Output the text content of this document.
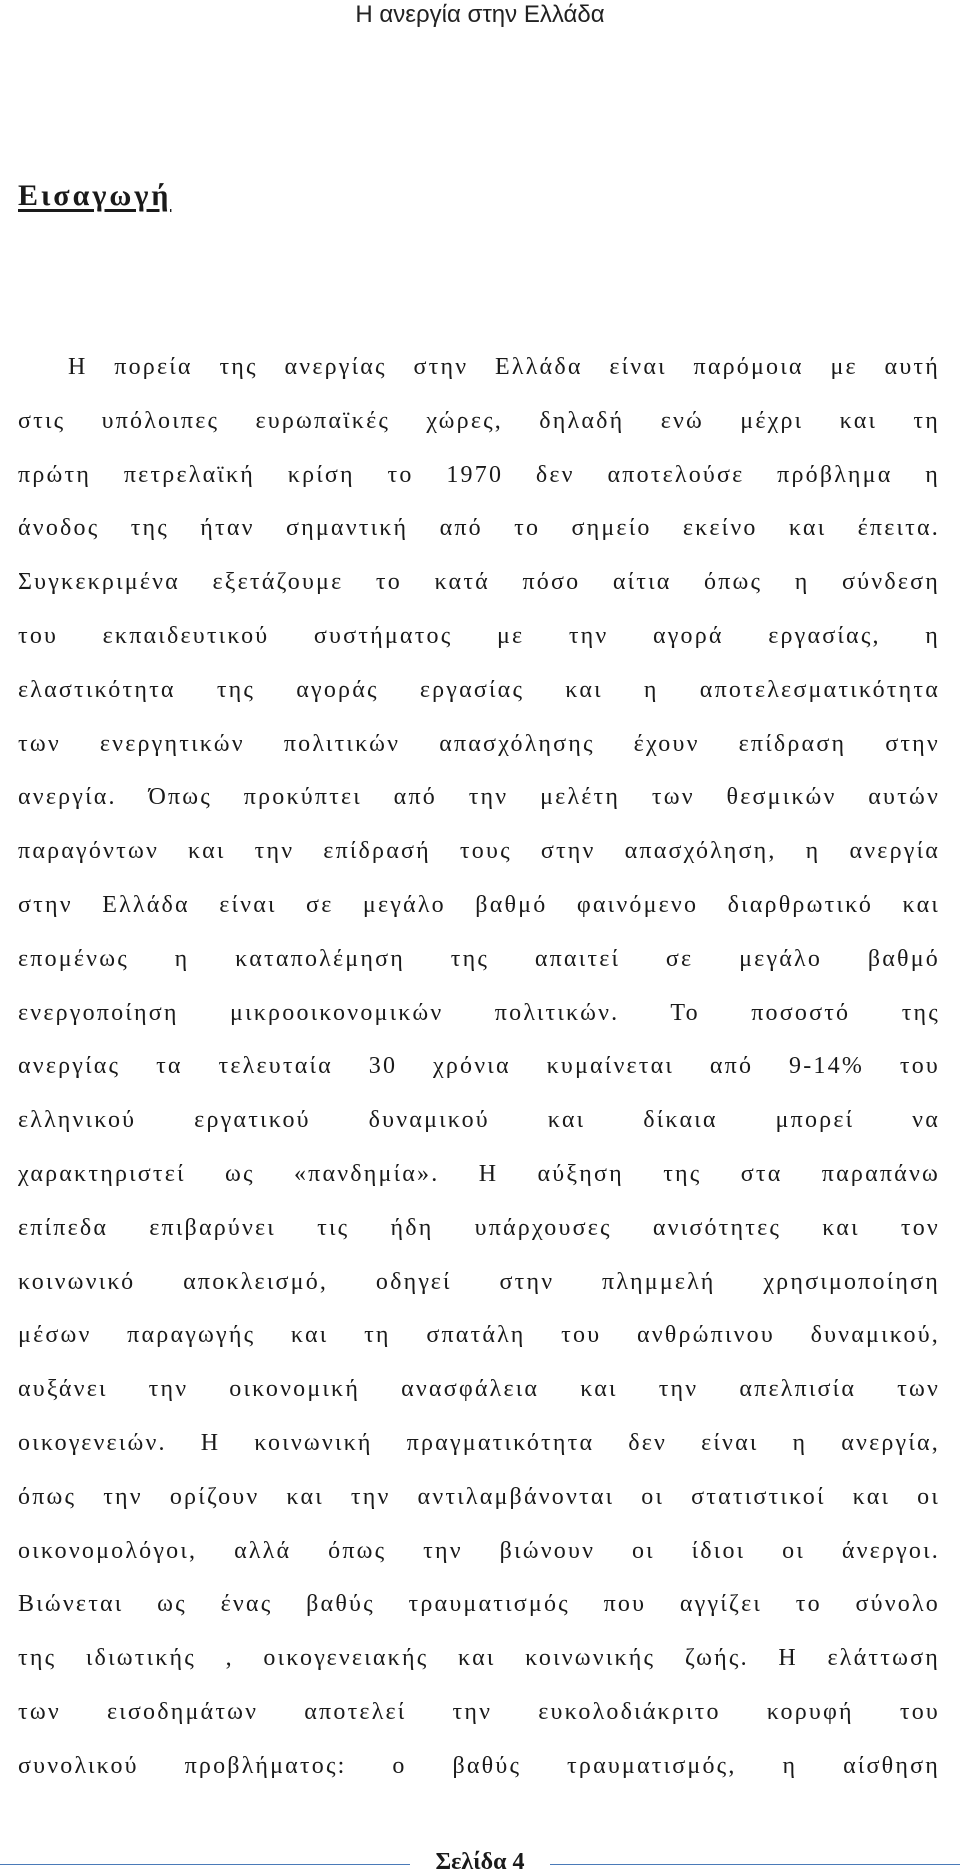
Η ανεργία στην Ελλάδα
Εισαγωγή
Η πορεία της ανεργίας στην Ελλάδα είναι παρόμοια με αυτή
στις υπόλοιπες ευρωπαϊκές χώρες, δηλαδή ενώ μέχρι και τη
πρώτη πετρελαϊκή κρίση το 1970 δεν αποτελούσε πρόβλημα η
άνοδος της ήταν σημαντική από το σημείο εκείνο και έπειτα.
Συγκεκριμένα εξετάζουμε το κατά πόσο αίτια όπως η σύνδεση
του εκπαιδευτικού συστήματος με την αγορά εργασίας, η
ελαστικότητα της αγοράς εργασίας και η αποτελεσματικότητα
των ενεργητικών πολιτικών απασχόλησης έχουν επίδραση στην
ανεργία. Όπως προκύπτει από την μελέτη των θεσμικών αυτών
παραγόντων και την επίδρασή τους στην απασχόληση, η ανεργία
στην Ελλάδα είναι σε μεγάλο βαθμό φαινόμενο διαρθρωτικό και
επομένως η καταπολέμηση της απαιτεί σε μεγάλο βαθμό
ενεργοποίηση μικροοικονομικών πολιτικών. Το ποσοστό της
ανεργίας τα τελευταία 30 χρόνια κυμαίνεται από 9-14% του
ελληνικού εργατικού δυναμικού και δίκαια μπορεί να
χαρακτηριστεί ως «πανδημία». Η αύξηση της στα παραπάνω
επίπεδα επιβαρύνει τις ήδη υπάρχουσες ανισότητες και τον
κοινωνικό αποκλεισμό, οδηγεί στην πλημμελή χρησιμοποίηση
μέσων παραγωγής και τη σπατάλη του ανθρώπινου δυναμικού,
αυξάνει την οικονομική ανασφάλεια και την απελπισία των
οικογενειών. Η κοινωνική πραγματικότητα δεν είναι η ανεργία,
όπως την ορίζουν και την αντιλαμβάνονται οι στατιστικοί και οι
οικονομολόγοι, αλλά όπως την βιώνουν οι ίδιοι οι άνεργοι.
Βιώνεται ως ένας βαθύς τραυματισμός που αγγίζει το σύνολο
της ιδιωτικής , οικογενειακής και κοινωνικής ζωής. Η ελάττωση
των εισοδημάτων αποτελεί την ευκολοδιάκριτο κορυφή του
συνολικού προβλήματος: ο βαθύς τραυματισμός, η αίσθηση
Σελίδα 4
